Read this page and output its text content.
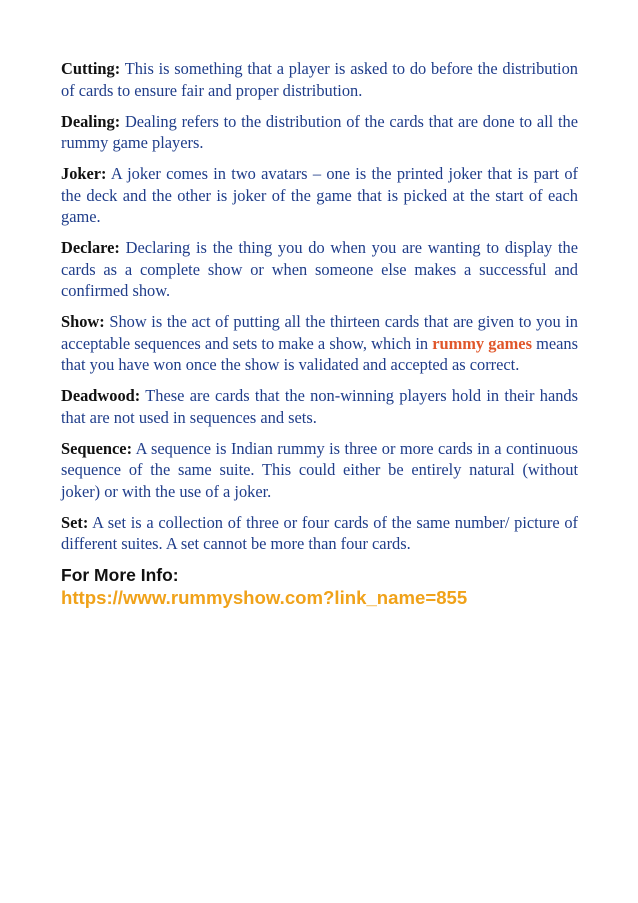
Cutting: This is something that a player is asked to do before the distribution of cards to ensure fair and proper distribution.

Dealing: Dealing refers to the distribution of the cards that are done to all the rummy game players.

Joker: A joker comes in two avatars – one is the printed joker that is part of the deck and the other is joker of the game that is picked at the start of each game.

Declare: Declaring is the thing you do when you are wanting to display the cards as a complete show or when someone else makes a successful and confirmed show.

Show: Show is the act of putting all the thirteen cards that are given to you in acceptable sequences and sets to make a show, which in rummy games means that you have won once the show is validated and accepted as correct.

Deadwood: These are cards that the non-winning players hold in their hands that are not used in sequences and sets.

Sequence: A sequence is Indian rummy is three or more cards in a continuous sequence of the same suite. This could either be entirely natural (without joker) or with the use of a joker.

Set: A set is a collection of three or four cards of the same number/ picture of different suites. A set cannot be more than four cards.

For More Info:
https://www.rummyshow.com?link_name=855
